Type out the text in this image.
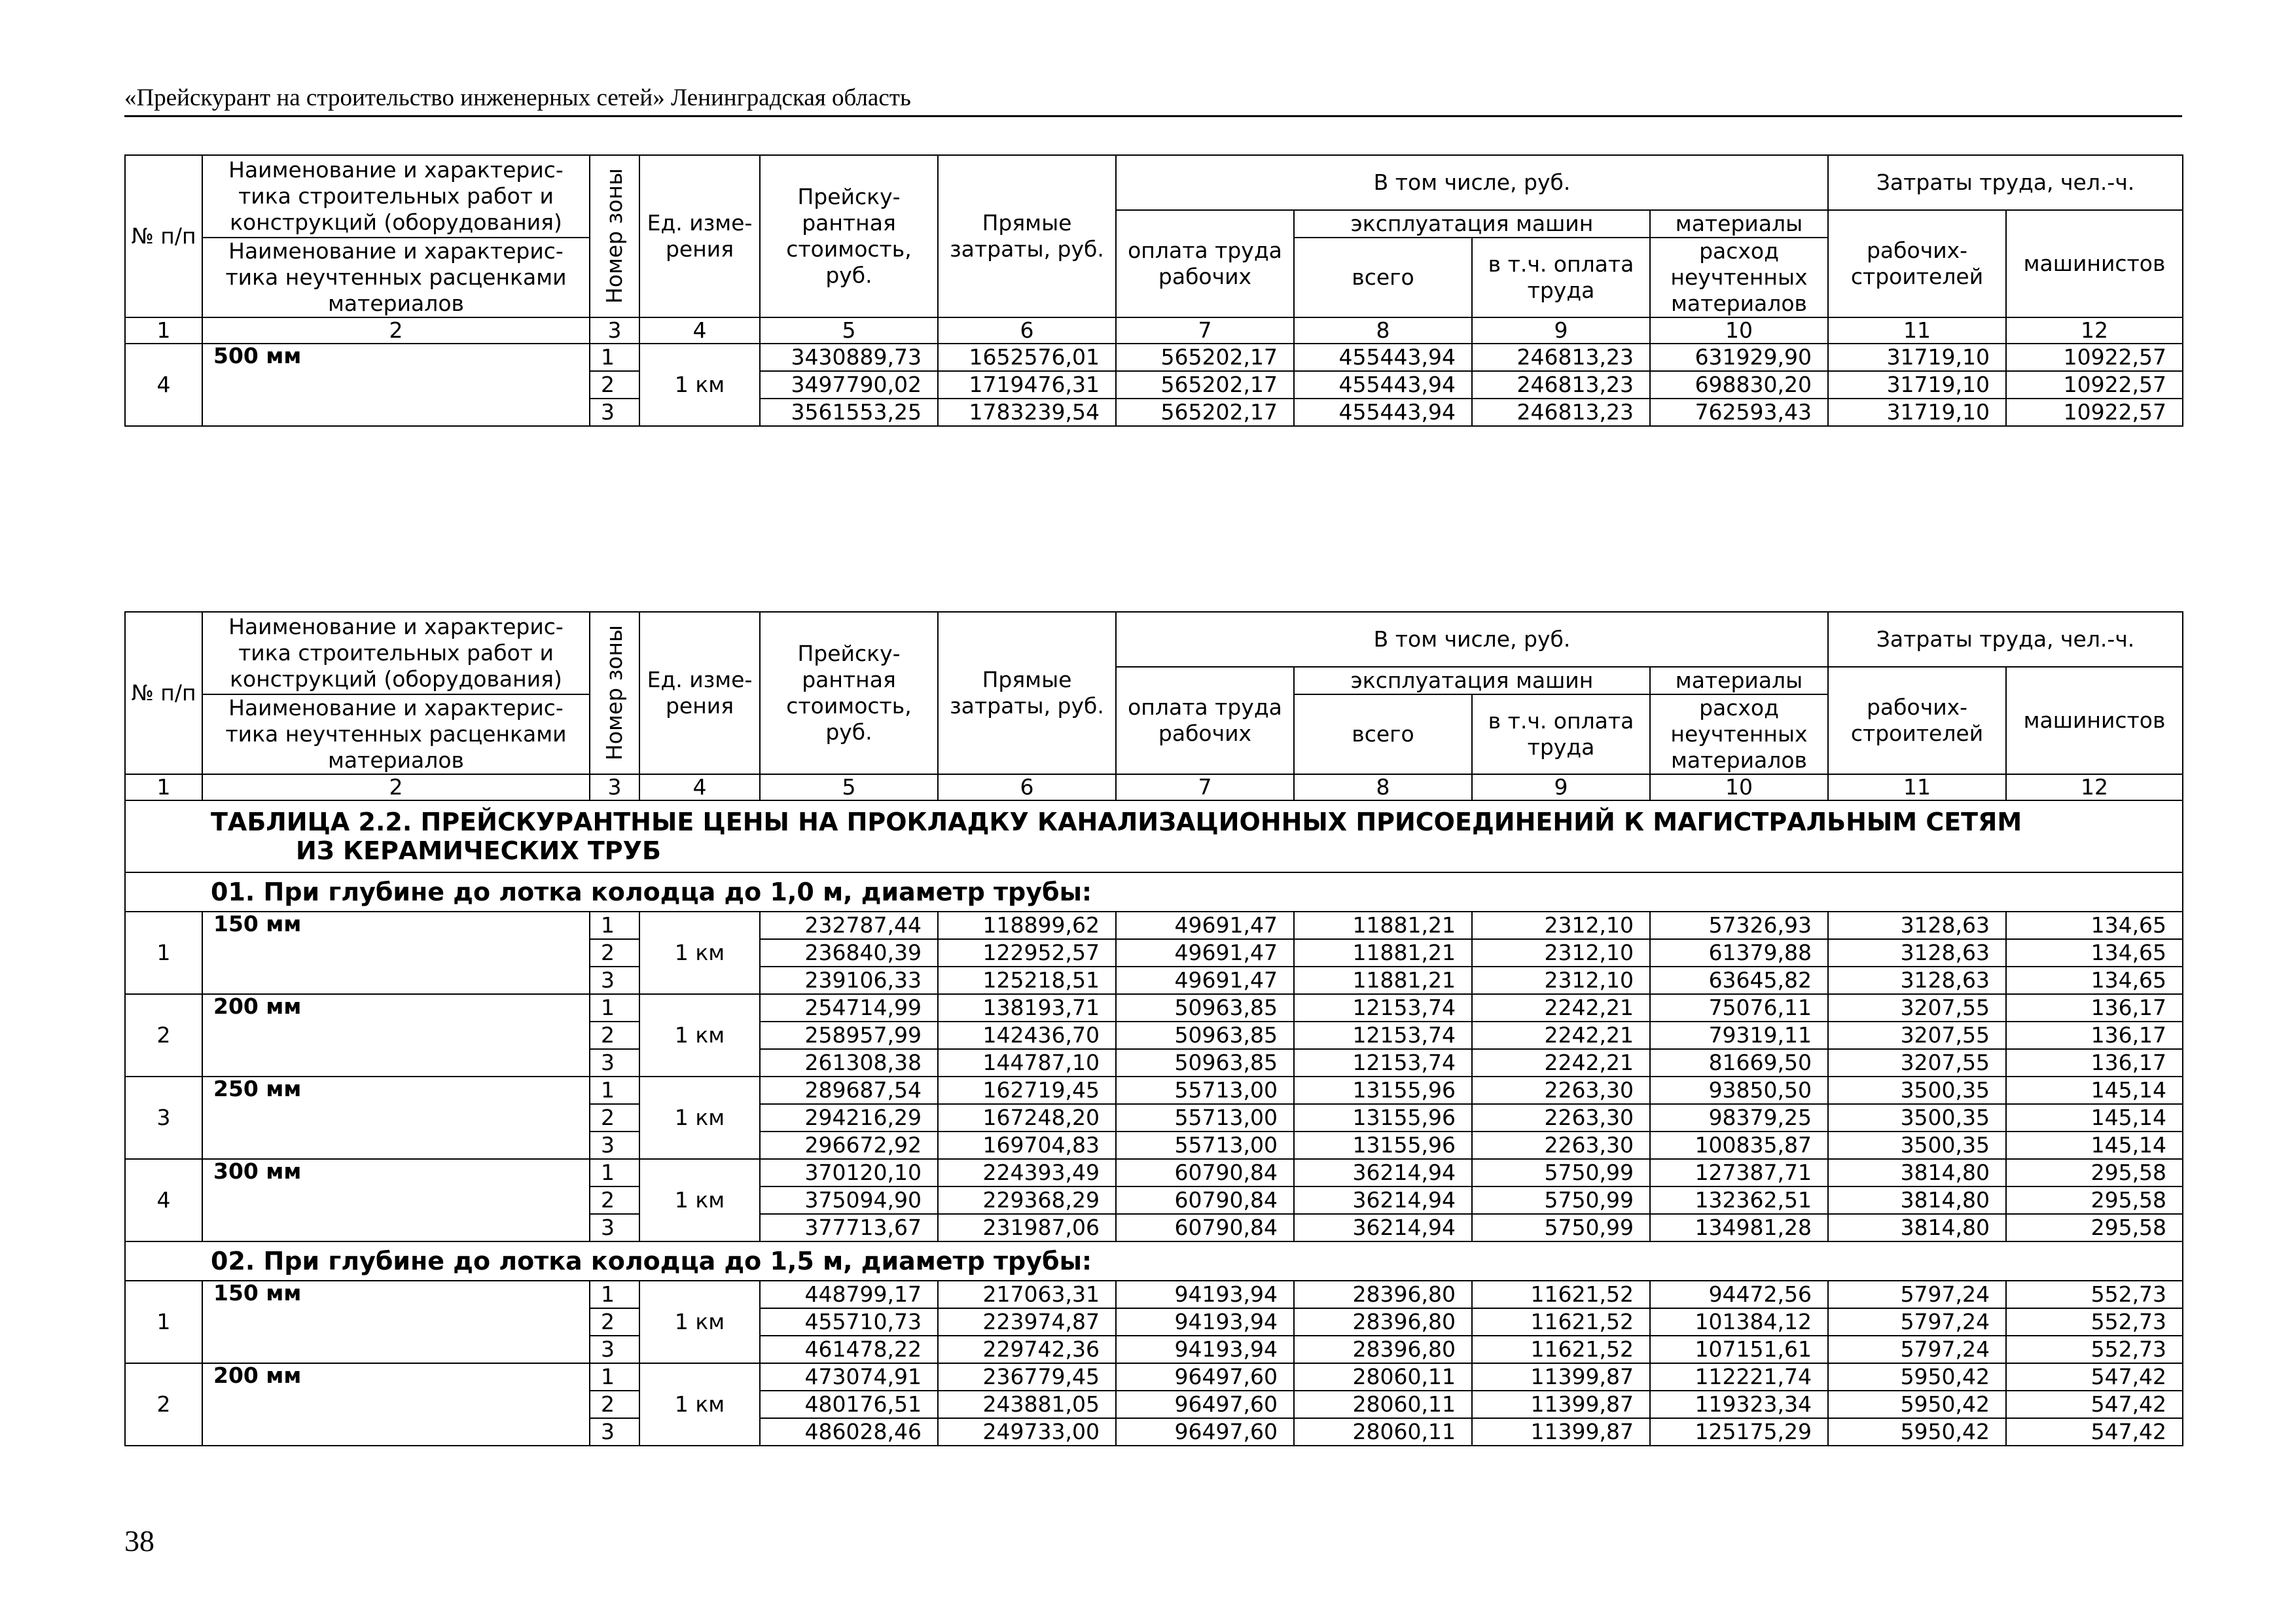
«Прейскурант на строительство инженерных сетей» Ленинградская область
№ п/п	Наименование и характерис- тика строительных работ и конструкций (оборудования)	Номер зоны	Ед. изме- рения	Прейску- рантная стоимость, руб.	Прямые затраты, руб.	В том числе, руб.				Затраты труда, чел.-ч.	
						оплата труда рабочих	эксплуатация машин		материалы	рабочих- строителей	машинистов
	Наименование и характерис- тика неучтенных расценками материалов						всего	в т.ч. оплата труда	расход неучтенных материалов		
1	2	3	4	5	6	7	8	9	10	11	12
4	500 мм	1	1 км	3430889,73	1652576,01	565202,17	455443,94	246813,23	631929,90	31719,10	10922,57
		2		3497790,02	1719476,31	565202,17	455443,94	246813,23	698830,20	31719,10	10922,57
		3		3561553,25	1783239,54	565202,17	455443,94	246813,23	762593,43	31719,10	10922,57
№ п/п	Наименование и характерис- тика строительных работ и конструкций (оборудования)	Номер зоны	Ед. изме- рения	Прейску- рантная стоимость, руб.	Прямые затраты, руб.	В том числе, руб.				Затраты труда, чел.-ч.	
						оплата труда рабочих	эксплуатация машин		материалы	рабочих- строителей	машинистов
	Наименование и характерис- тика неучтенных расценками материалов						всего	в т.ч. оплата труда	расход неучтенных материалов		
1	2	3	4	5	6	7	8	9	10	11	12
ТАБЛИЦА 2.2. ПРЕЙСКУРАНТНЫЕ ЦЕНЫ НА ПРОКЛАДКУ КАНАЛИЗАЦИОННЫХ ПРИСОЕДИНЕНИЙ К МАГИСТРАЛЬНЫМ СЕТЯМ
ИЗ КЕРАМИЧЕСКИХ ТРУБ											

01. При глубине до лотка колодца до 1,0 м, диаметр трубы:											
1	150 мм	1	1 км	232787,44	118899,62	49691,47	11881,21	2312,10	57326,93	3128,63	134,65
		2		236840,39	122952,57	49691,47	11881,21	2312,10	61379,88	3128,63	134,65
		3		239106,33	125218,51	49691,47	11881,21	2312,10	63645,82	3128,63	134,65
2	200 мм	1	1 км	254714,99	138193,71	50963,85	12153,74	2242,21	75076,11	3207,55	136,17
		2		258957,99	142436,70	50963,85	12153,74	2242,21	79319,11	3207,55	136,17
		3		261308,38	144787,10	50963,85	12153,74	2242,21	81669,50	3207,55	136,17
3	250 мм	1	1 км	289687,54	162719,45	55713,00	13155,96	2263,30	93850,50	3500,35	145,14
		2		294216,29	167248,20	55713,00	13155,96	2263,30	98379,25	3500,35	145,14
		3		296672,92	169704,83	55713,00	13155,96	2263,30	100835,87	3500,35	145,14
4	300 мм	1	1 км	370120,10	224393,49	60790,84	36214,94	5750,99	127387,71	3814,80	295,58
		2		375094,90	229368,29	60790,84	36214,94	5750,99	132362,51	3814,80	295,58
		3		377713,67	231987,06	60790,84	36214,94	5750,99	134981,28	3814,80	295,58
02. При глубине до лотка колодца до 1,5 м, диаметр трубы:											
1	150 мм	1	1 км	448799,17	217063,31	94193,94	28396,80	11621,52	94472,56	5797,24	552,73
		2		455710,73	223974,87	94193,94	28396,80	11621,52	101384,12	5797,24	552,73
		3		461478,22	229742,36	94193,94	28396,80	11621,52	107151,61	5797,24	552,73
2	200 мм	1	1 км	473074,91	236779,45	96497,60	28060,11	11399,87	112221,74	5950,42	547,42
		2		480176,51	243881,05	96497,60	28060,11	11399,87	119323,34	5950,42	547,42
		3		486028,46	249733,00	96497,60	28060,11	11399,87	125175,29	5950,42	547,42
38
